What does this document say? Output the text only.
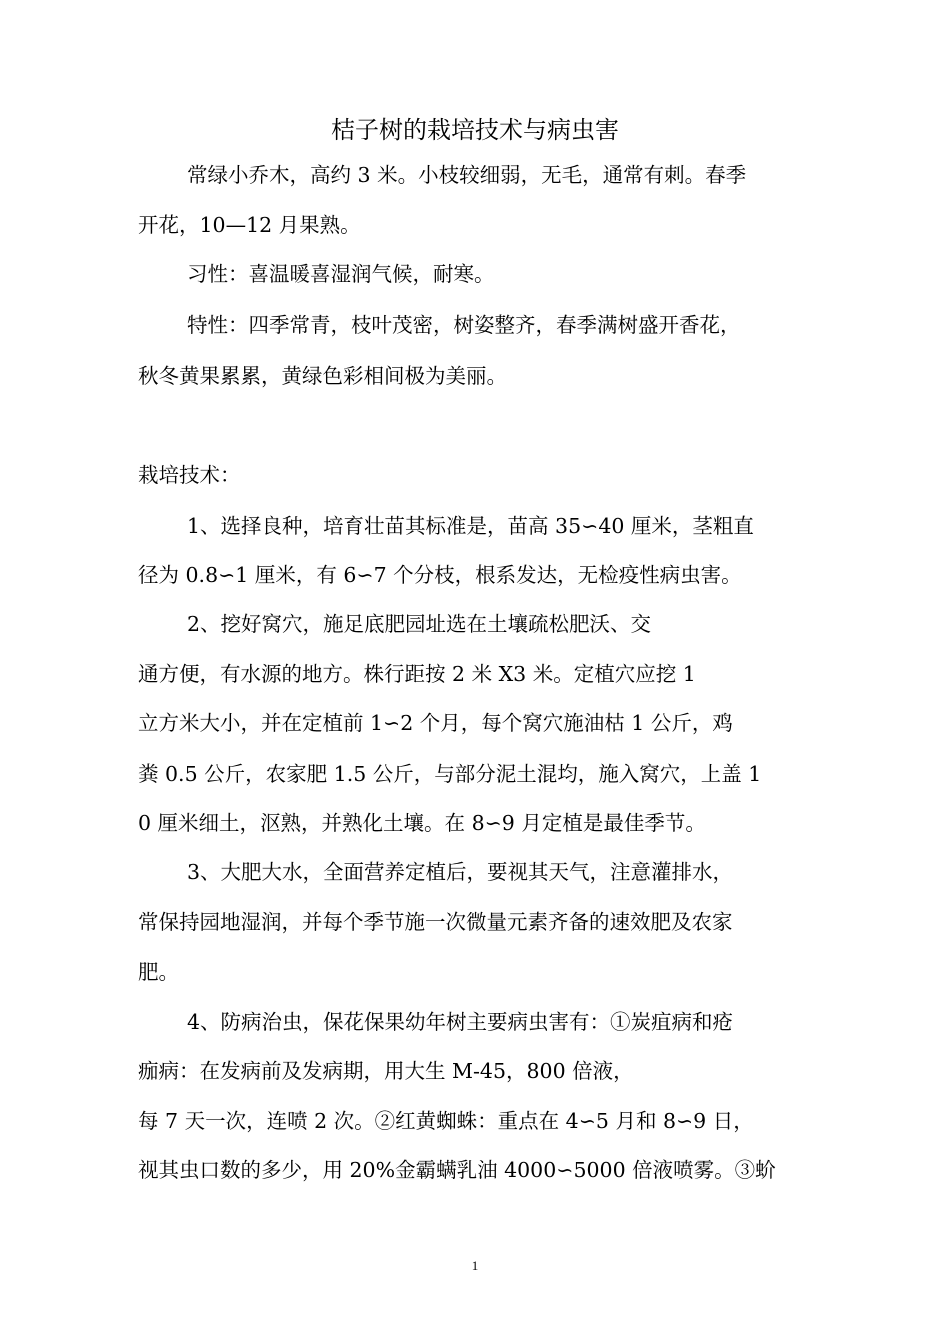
桔子树的栽培技术与病虫害

常绿小乔木，高约 3 米。小枝较细弱，无毛，通常有刺。春季

开花，10—12 月果熟。

习性：喜温暖喜湿润气候，耐寒。

特性：四季常青，枝叶茂密，树姿整齐，春季满树盛开香花，

秋冬黄果累累，黄绿色彩相间极为美丽。

栽培技术：

1、选择良种，培育壮苗其标准是，苗高 35∽40 厘米，茎粗直

径为 0.8∽1 厘米，有 6∽7 个分枝，根系发达，无检疫性病虫害。

2、挖好窝穴，施足底肥园址选在土壤疏松肥沃、交

通方便，有水源的地方。株行距按 2 米 X3 米。定植穴应挖 1

立方米大小，并在定植前 1∽2 个月，每个窝穴施油枯 1 公斤，鸡

粪 0.5 公斤，农家肥 1.5 公斤，与部分泥土混均，施入窝穴，上盖 1

0 厘米细土，沤熟，并熟化土壤。在 8∽9 月定植是最佳季节。

3、大肥大水，全面营养定植后，要视其天气，注意灌排水，

常保持园地湿润，并每个季节施一次微量元素齐备的速效肥及农家

肥。

4、防病治虫，保花保果幼年树主要病虫害有：①炭疽病和疮

痂病：在发病前及发病期，用大生 M-45，800 倍液，

每 7 天一次，连喷 2 次。②红黄蜘蛛：重点在 4∽5 月和 8∽9 日，

视其虫口数的多少，用 20%金霸螨乳油 4000∽5000 倍液喷雾。③蚧

1
